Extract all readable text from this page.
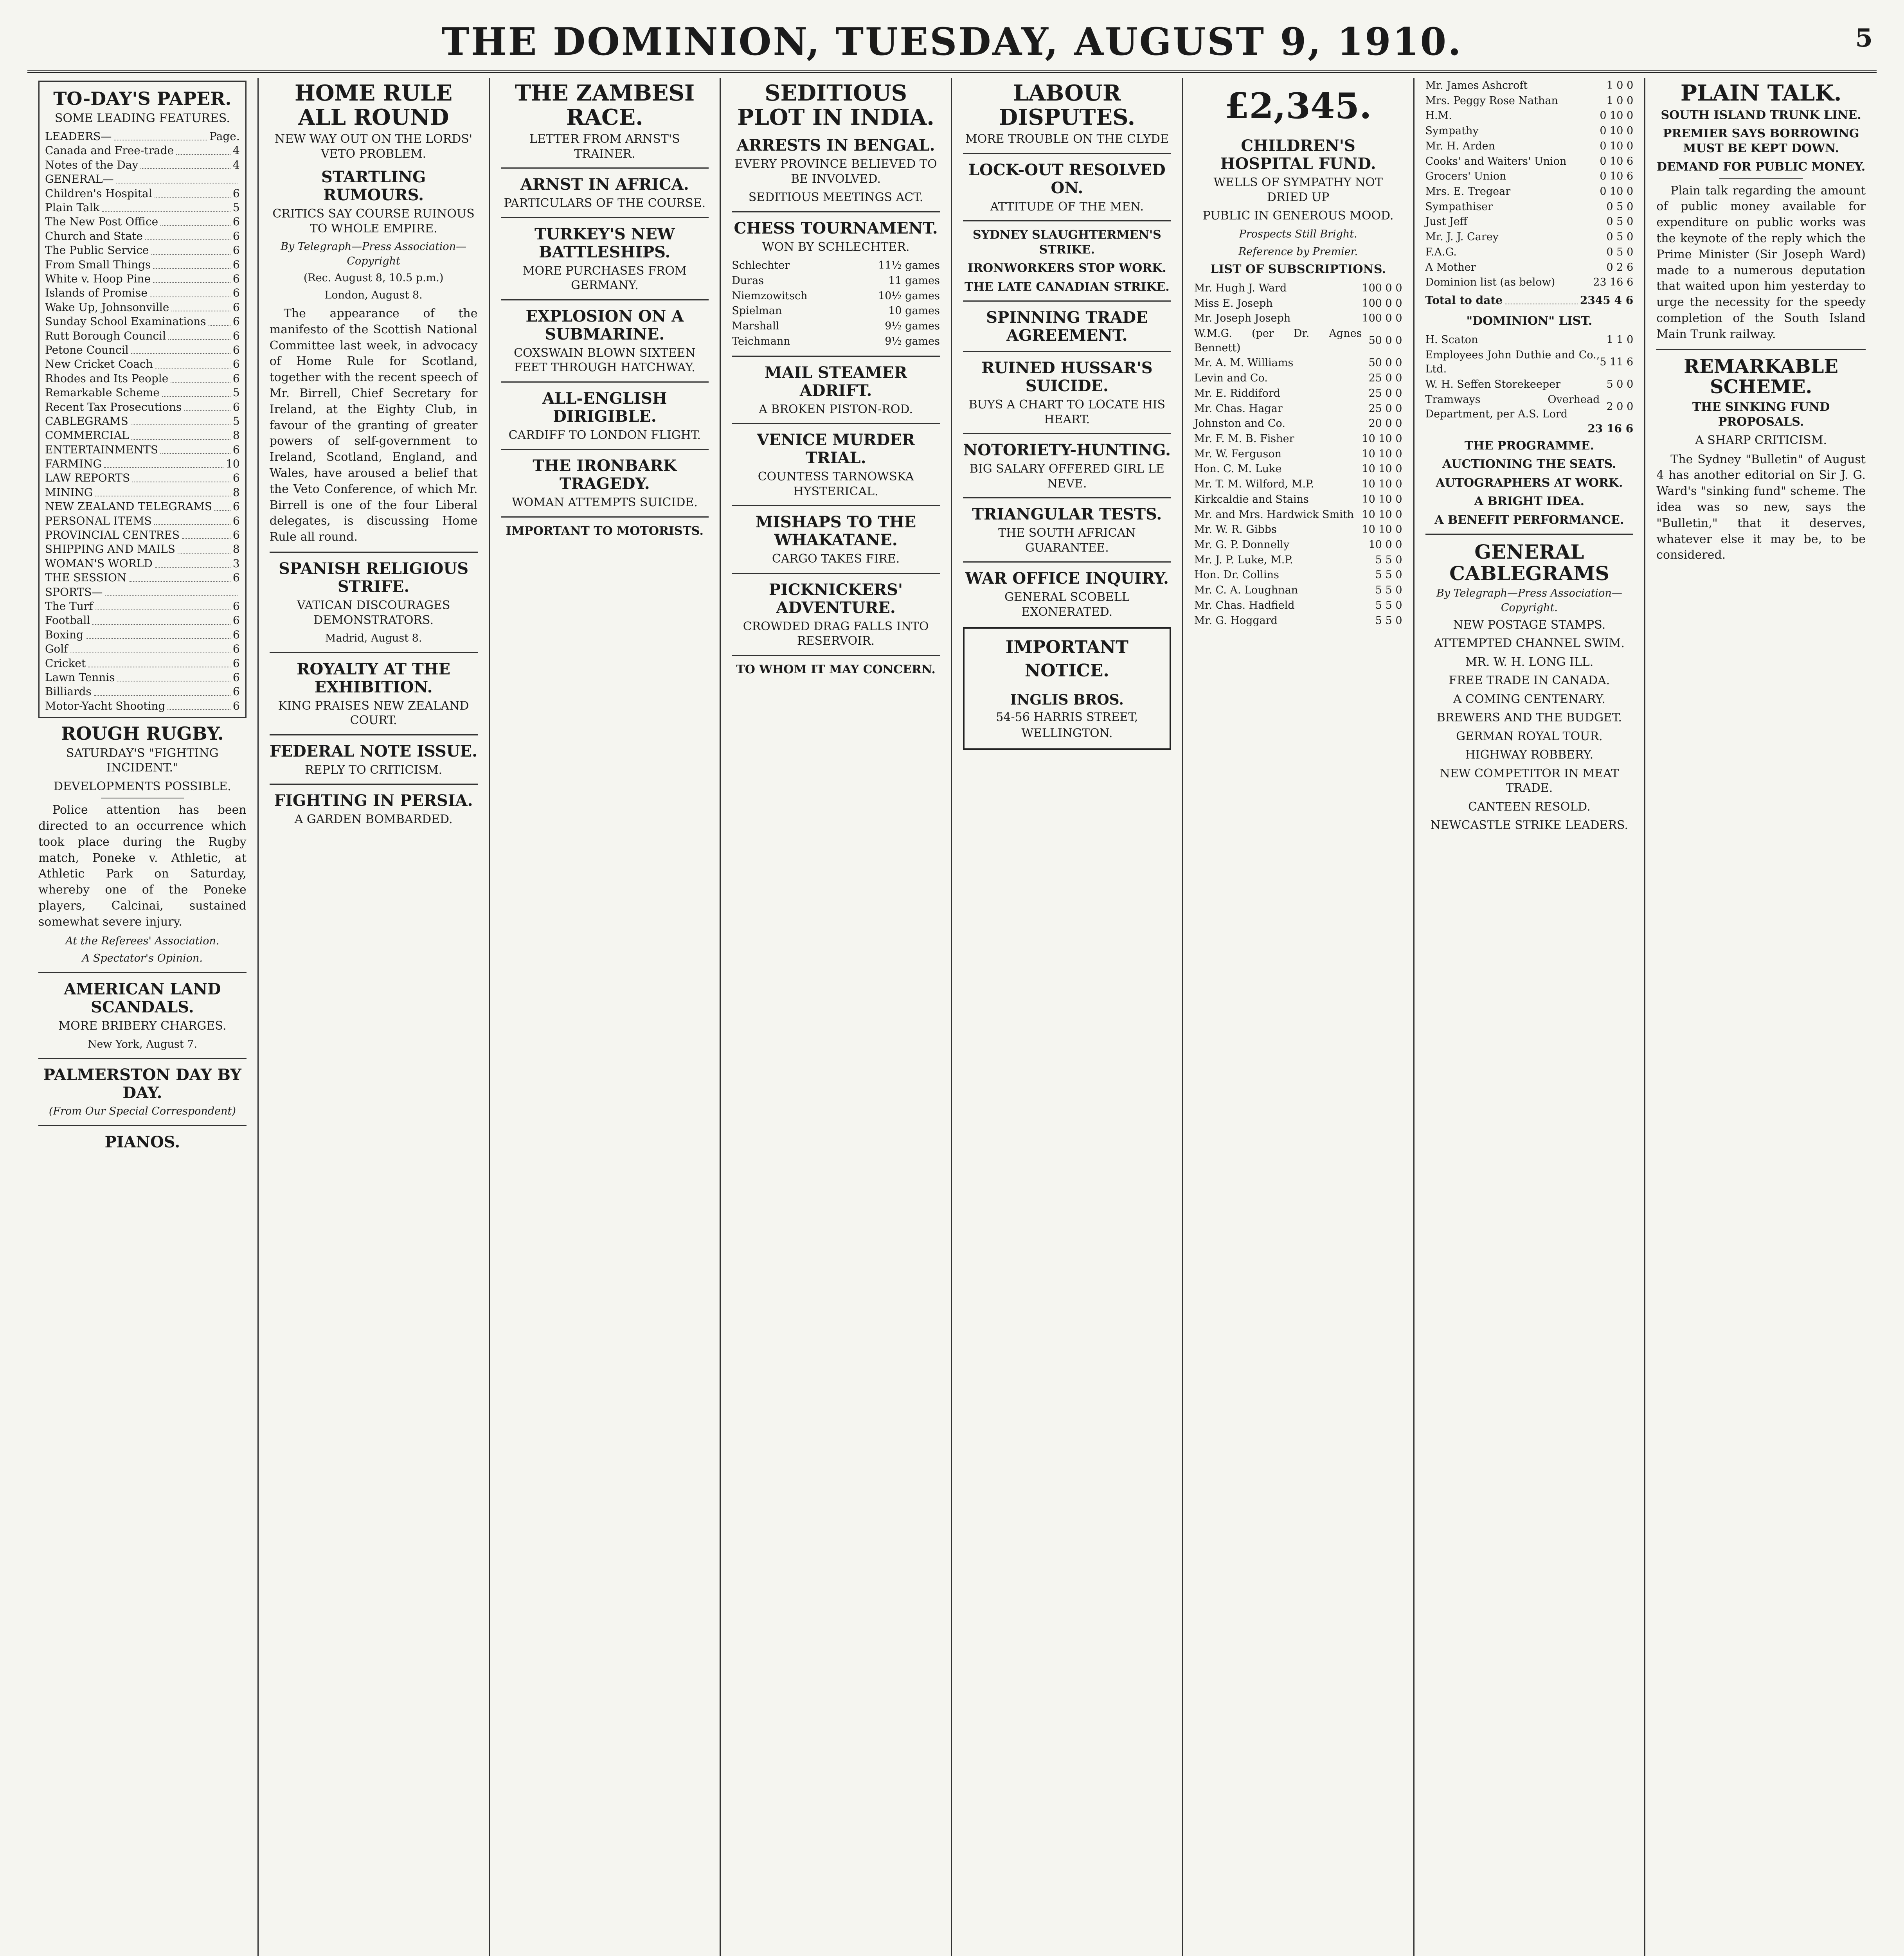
THE DOMINION, TUESDAY, AUGUST 9, 1910.	5
TO-DAY'S PAPER.
SOME LEADING FEATURES.
LEADERS—	Page.
Canada and Free-trade	4
Notes of the Day	4
GENERAL—
Children's Hospital	6
Plain Talk	5
The New Post Office	6
Church and State	6
The Public Service	6
From Small Things	6
White v. Hoop Pine	6
Islands of Promise	6
Wake Up, Johnsonville	6
Sunday School Examinations 6
Rutt Borough Council	6
Petone Council	6
New Cricket Coach	6
Rhodes and Its People	6
Remarkable Scheme	5
Recent Tax Prosecutions	6
CABLEGRAMS	5
COMMERCIAL	8
ENTERTAINMENTS	6
FARMING	10
LAW REPORTS	6
MINING	8
NEW ZEALAND TELEGRAMS 6
PERSONAL ITEMS	6
PROVINCIAL CENTRES	6
SHIPPING AND MAILS	8
WOMAN'S WORLD	3
THE SESSION	6
SPORTS—
The Turf	6
Football	6
Boxing	6
Golf	6
Cricket	6
Lawn Tennis	6
Billiards	6
Motor-Yacht Shooting	6
ROUGH RUGBY.
SATURDAY'S "FIGHTING INCIDENT."
DEVELOPMENTS POSSIBLE.

Police attention has been directed to an occurrence which took place during the Rugby match, Poneke v. Athletic, at Athletic Park on Saturday, whereby one of the Poneke players, Calcinai, sustained somewhat severe injury.

At the Referees' Association.
A Spectator's Opinion.
AMERICAN LAND SCANDALS.
MORE BRIBERY CHARGES.
New York, August 7.
PALMERSTON DAY BY DAY.
(From Our Special Correspondent)
PIANOS.
HOME RULE ALL ROUND
NEW WAY OUT ON THE LORDS' VETO PROBLEM.
STARTLING RUMOURS.
CRITICS SAY COURSE RUINOUS TO WHOLE EMPIRE.
By Telegraph—Press Association—Copyright
(Rec. August 8, 10.5 p.m.)
London, August 8.

The appearance of the manifesto of the Scottish National Committee last week, in advocacy of Home Rule for Scotland, together with the recent speech of Mr. Birrell, Chief Secretary for Ireland, at the Eighty Club, in favour of the granting of greater powers of self-government to Ireland, Scotland, England, and Wales, have aroused a belief that the Veto Conference, of which Mr. Birrell is one of the four Liberal delegates, is discussing Home Rule all round.

SPANISH RELIGIOUS STRIFE.
VATICAN DISCOURAGES DEMONSTRATORS.
Madrid, August 8.
ROYALTY AT THE EXHIBITION.
KING PRAISES NEW ZEALAND COURT.
FEDERAL NOTE ISSUE.
REPLY TO CRITICISM.
FIGHTING IN PERSIA.
A GARDEN BOMBARDED.
THE ZAMBESI RACE.
LETTER FROM ARNST'S TRAINER.
ARNST IN AFRICA.
PARTICULARS OF THE COURSE.
TURKEY'S NEW BATTLESHIPS.
MORE PURCHASES FROM GERMANY.
EXPLOSION ON A SUBMARINE.
COXSWAIN BLOWN SIXTEEN FEET THROUGH HATCHWAY.
ALL-ENGLISH DIRIGIBLE.
CARDIFF TO LONDON FLIGHT.
THE IRONBARK TRAGEDY.
WOMAN ATTEMPTS SUICIDE.
IMPORTANT TO MOTORISTS.
SEDITIOUS PLOT IN INDIA.
ARRESTS IN BENGAL.
EVERY PROVINCE BELIEVED TO BE INVOLVED.
SEDITIOUS MEETINGS ACT.
CHESS TOURNAMENT.
WON BY SCHLECHTER.
Schlechter	11½ games
Duras	11 games
Niemzowitsch	10½ games
Spielman	10 games
Marshall	9½ games
Teichmann	9½ games
MAIL STEAMER ADRIFT.
A BROKEN PISTON-ROD.
VENICE MURDER TRIAL.
COUNTESS TARNOWSKA HYSTERICAL.
MISHAPS TO THE WHAKATANE.
CARGO TAKES FIRE.
PICKNICKERS' ADVENTURE.
CROWDED DRAG FALLS INTO RESERVOIR.
TO WHOM IT MAY CONCERN.
LABOUR DISPUTES.
MORE TROUBLE ON THE CLYDE
LOCK-OUT RESOLVED ON.
ATTITUDE OF THE MEN.
SYDNEY SLAUGHTERMEN'S STRIKE.
IRONWORKERS STOP WORK.
THE LATE CANADIAN STRIKE.
SPINNING TRADE AGREEMENT.
RUINED HUSSAR'S SUICIDE.
BUYS A CHART TO LOCATE HIS HEART.
NOTORIETY-HUNTING.
BIG SALARY OFFERED GIRL LE NEVE.
TRIANGULAR TESTS.
THE SOUTH AFRICAN GUARANTEE.
WAR OFFICE INQUIRY.
GENERAL SCOBELL EXONERATED.
IMPORTANT NOTICE.
INGLIS BROS.
54-56 HARRIS STREET, WELLINGTON.
£2,345.
CHILDREN'S HOSPITAL FUND.
WELLS OF SYMPATHY NOT DRIED UP
PUBLIC IN GENEROUS MOOD.
Prospects Still Bright.
Reference by Premier.
LIST OF SUBSCRIPTIONS.
Mr. Hugh J. Ward	100 0 0
Miss E. Joseph	100 0 0
Mr. Joseph Joseph	100 0 0
W.M.G. (per Dr. Agnes Bennett)	50 0 0
Mr. A. M. Williams	50 0 0
Levin and Co.	25 0 0
Mr. E. Riddiford	25 0 0
Mr. Chas. Hagar	25 0 0
Johnston and Co.	20 0 0
Mr. F. M. B. Fisher	10 10 0
Mr. W. Ferguson	10 10 0
Hon. C. M. Luke	10 10 0
Mr. T. M. Wilford, M.P.	10 10 0
Kirkcaldie and Stains	10 10 0
Mr. and Mrs. Hardwick Smith	10 10 0
Mr. W. R. Gibbs	10 10 0
Mr. G. P. Donnelly	10 0 0
Mr. J. P. Luke, M.P.	5 5 0
Hon. Dr. Collins	5 5 0
Mr. C. A. Loughnan	5 5 0
Mr. Chas. Hadfield	5 5 0
Mr. G. Hoggard	5 5 0
Mr. James Ashcroft	1 0 0
Mrs. Peggy Rose Nathan	1 0 0
H.M.	0 10 0
Sympathy	0 10 0
Mr. H. Arden	0 10 0
Cooks' and Waiters' Union	0 10 6
Grocers' Union	0 10 6
Mrs. E. Tregear	0 10 0
Sympathiser	0 5 0
Just Jeff	0 5 0
Mr. J. J. Carey	0 5 0
F.A.G.	0 5 0
A Mother	0 2 6
Dominion list (as below)	23 16 6
Total to date	2345 4 6
"DOMINION" LIST.
H. Scaton	1 1 0
Employees John Duthie and Co., Ltd.	5 11 6
W. H. Seffen Storekeeper	5 0 0
Tramways Overhead Department, per A.S. Lord	2 0 0
23 16 6
THE PROGRAMME.
AUCTIONING THE SEATS.
AUTOGRAPHERS AT WORK.
A BRIGHT IDEA.
A BENEFIT PERFORMANCE.
GENERAL CABLEGRAMS
By Telegraph—Press Association—Copyright.
NEW POSTAGE STAMPS.
ATTEMPTED CHANNEL SWIM.
MR. W. H. LONG ILL.
FREE TRADE IN CANADA.
A COMING CENTENARY.
BREWERS AND THE BUDGET.
GERMAN ROYAL TOUR.
HIGHWAY ROBBERY.
NEW COMPETITOR IN MEAT TRADE.
CANTEEN RESOLD.
NEWCASTLE STRIKE LEADERS.
PLAIN TALK.
SOUTH ISLAND TRUNK LINE.
PREMIER SAYS BORROWING MUST BE KEPT DOWN.
DEMAND FOR PUBLIC MONEY.

Plain talk regarding the amount of public money available for expenditure on public works was the keynote of the reply which the Prime Minister (Sir Joseph Ward) made to a numerous deputation that waited upon him yesterday to urge the necessity for the speedy completion of the South Island Main Trunk railway.

REMARKABLE SCHEME.
THE SINKING FUND PROPOSALS.
A SHARP CRITICISM.

The Sydney "Bulletin" of August 4 has another editorial on Sir J. G. Ward's "sinking fund" scheme. The idea was so new, says the "Bulletin," that it deserves, whatever else it may be, to be considered.
